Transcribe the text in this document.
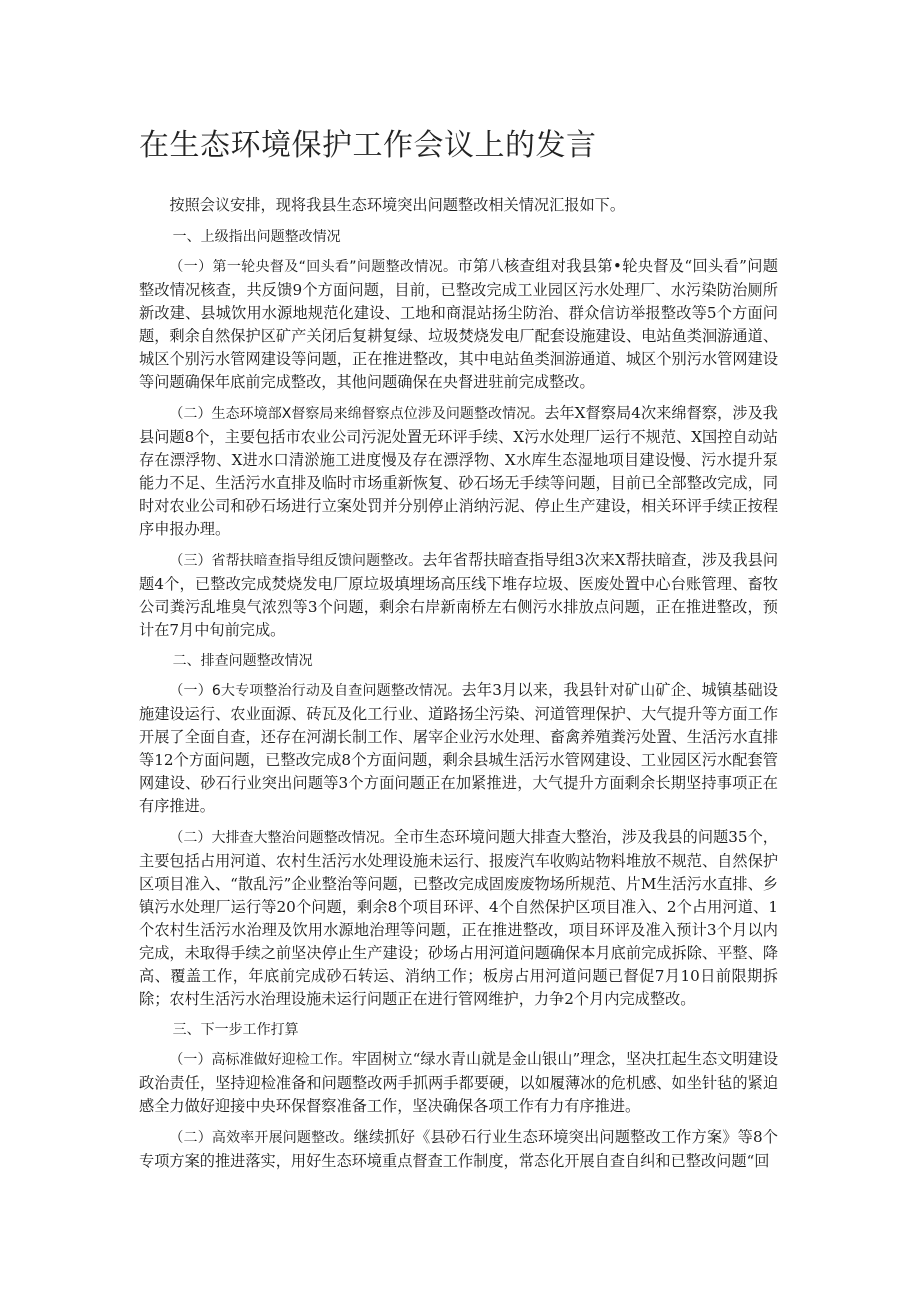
在生态环境保护工作会议上的发言

按照会议安排，现将我县生态环境突出问题整改相关情况汇报如下。

一、上级指出问题整改情况

（一）第一轮央督及“回头看”问题整改情况。市第八核查组对我县第•轮央督及“回头看”问题整改情况核查，共反馈9个方面问题，目前，已整改完成工业园区污水处理厂、水污染防治厕所新改建、县城饮用水源地规范化建设、工地和商混站扬尘防治、群众信访举报整改等5个方面问题，剩余自然保护区矿产关闭后复耕复绿、垃圾焚烧发电厂配套设施建设、电站鱼类洄游通道、城区个别污水管网建设等问题，正在推进整改，其中电站鱼类洄游通道、城区个别污水管网建设等问题确保年底前完成整改，其他问题确保在央督进驻前完成整改。

（二）生态环境部X督察局来绵督察点位涉及问题整改情况。去年X督察局4次来绵督察，涉及我县问题8个，主要包括市农业公司污泥处置无环评手续、X污水处理厂运行不规范、X国控自动站存在漂浮物、X进水口清淤施工进度慢及存在漂浮物、X水库生态湿地项目建设慢、污水提升泵能力不足、生活污水直排及临时市场重新恢复、砂石场无手续等问题，目前已全部整改完成，同时对农业公司和砂石场进行立案处罚并分别停止消纳污泥、停止生产建设，相关环评手续正按程序申报办理。

（三）省帮扶暗查指导组反馈问题整改。去年省帮扶暗查指导组3次来X帮扶暗查，涉及我县问题4个，已整改完成焚烧发电厂原垃圾填埋场高压线下堆存垃圾、医废处置中心台账管理、畜牧公司粪污乱堆臭气浓烈等3个问题，剩余右岸新南桥左右侧污水排放点问题，正在推进整改，预计在7月中旬前完成。

二、排查问题整改情况

（一）6大专项整治行动及自查问题整改情况。去年3月以来，我县针对矿山矿企、城镇基础设施建设运行、农业面源、砖瓦及化工行业、道路扬尘污染、河道管理保护、大气提升等方面工作开展了全面自查，还存在河湖长制工作、屠宰企业污水处理、畜禽养殖粪污处置、生活污水直排等12个方面问题，已整改完成8个方面问题，剩余县城生活污水管网建设、工业园区污水配套管网建设、砂石行业突出问题等3个方面问题正在加紧推进，大气提升方面剩余长期坚持事项正在有序推进。

（二）大排查大整治问题整改情况。全市生态环境问题大排查大整治，涉及我县的问题35个，主要包括占用河道、农村生活污水处理设施未运行、报废汽车收购站物料堆放不规范、自然保护区项目准入、“散乱污”企业整治等问题，已整改完成固废废物场所规范、片M生活污水直排、乡镇污水处理厂运行等20个问题，剩余8个项目环评、4个自然保护区项目准入、2个占用河道、1个农村生活污水治理及饮用水源地治理等问题，正在推进整改，项目环评及准入预计3个月以内完成，未取得手续之前坚决停止生产建设；砂场占用河道问题确保本月底前完成拆除、平整、降高、覆盖工作，年底前完成砂石转运、消纳工作；板房占用河道问题已督促7月10日前限期拆除；农村生活污水治理设施未运行问题正在进行管网维护，力争2个月内完成整改。

三、下一步工作打算

（一）高标准做好迎检工作。牢固树立“绿水青山就是金山银山”理念，坚决扛起生态文明建设政治责任，坚持迎检准备和问题整改两手抓两手都要硬，以如履薄冰的危机感、如坐针毡的紧迫感全力做好迎接中央环保督察准备工作，坚决确保各项工作有力有序推进。

（二）高效率开展问题整改。继续抓好《县砂石行业生态环境突出问题整改工作方案》等8个专项方案的推进落实，用好生态环境重点督查工作制度，常态化开展自查自纠和已整改问题“回
